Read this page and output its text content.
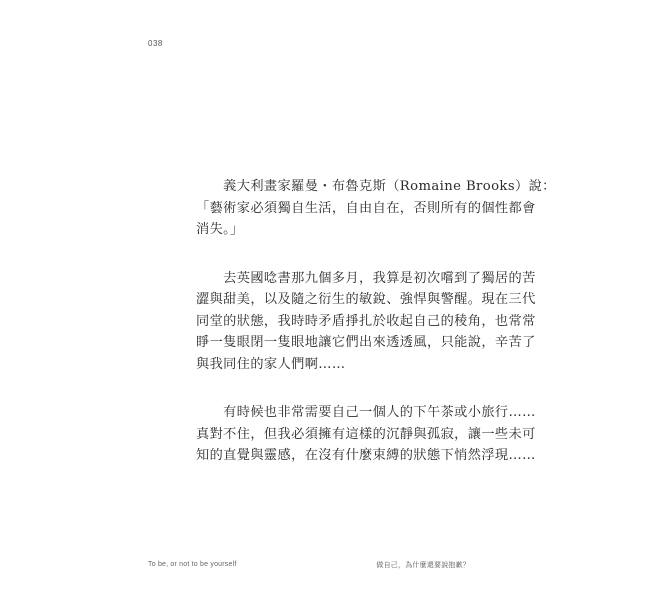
038

　　義大利畫家羅曼・布魯克斯（Romaine Brooks）說：
「藝術家必須獨自生活，自由自在，否則所有的個性都會
消失。」

　　去英國唸書那九個多月，我算是初次嚐到了獨居的苦
澀與甜美，以及隨之衍生的敏銳、強悍與警醒。現在三代
同堂的狀態，我時時矛盾掙扎於收起自己的稜角，也常常
睜一隻眼閉一隻眼地讓它們出來透透風，只能說，辛苦了
與我同住的家人們啊……

　　有時候也非常需要自己一個人的下午茶或小旅行……
真對不住，但我必須擁有這樣的沉靜與孤寂，讓一些未可
知的直覺與靈感，在沒有什麼束縛的狀態下悄然浮現……

To be, or not to be yourself	做自己，為什麼還要說抱歉？
